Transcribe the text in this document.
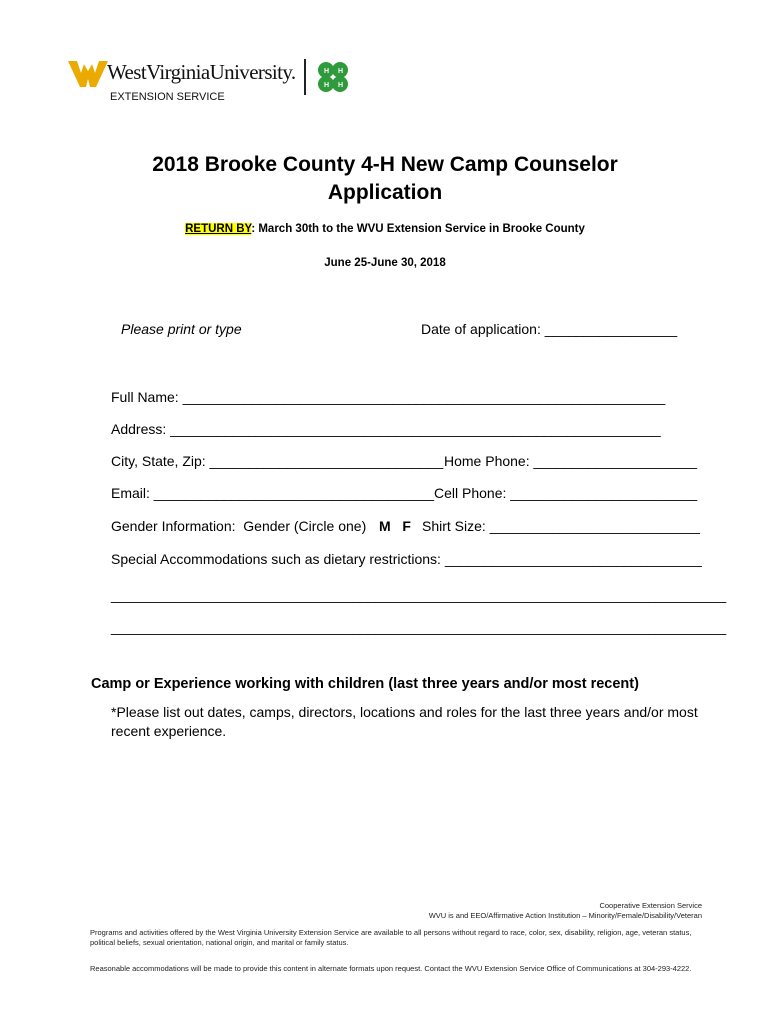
WestVirginiaUniversity.
EXTENSION SERVICE
H H
H H
2018 Brooke County 4-H New Camp Counselor
Application
RETURN BY: March 30th to the WVU Extension Service in Brooke County
June 25-June 30, 2018
Please print or type	Date of application: _________________
Full Name: ______________________________________________________________
Address: _______________________________________________________________
City, State, Zip: ______________________________ Home Phone: _____________________
Email: ____________________________________ Cell Phone: ________________________
Gender Information:  Gender (Circle one) M   F Shirt Size: ___________________________
Special Accommodations such as dietary restrictions: _________________________________
_______________________________________________________________________________
_______________________________________________________________________________
Camp or Experience working with children (last three years and/or most recent)
*Please list out dates, camps, directors, locations and roles for the last three years and/or most recent experience.
Cooperative Extension Service
WVU is and EEO/Affirmative Action Institution – Minority/Female/Disability/Veteran
Programs and activities offered by the West Virginia University Extension Service are available to all persons without regard to race, color, sex, disability, religion, age, veteran status, political beliefs, sexual orientation, national origin, and marital or family status.
Reasonable accommodations will be made to provide this content in alternate formats upon request. Contact the WVU Extension Service Office of Communications at 304-293-4222.
